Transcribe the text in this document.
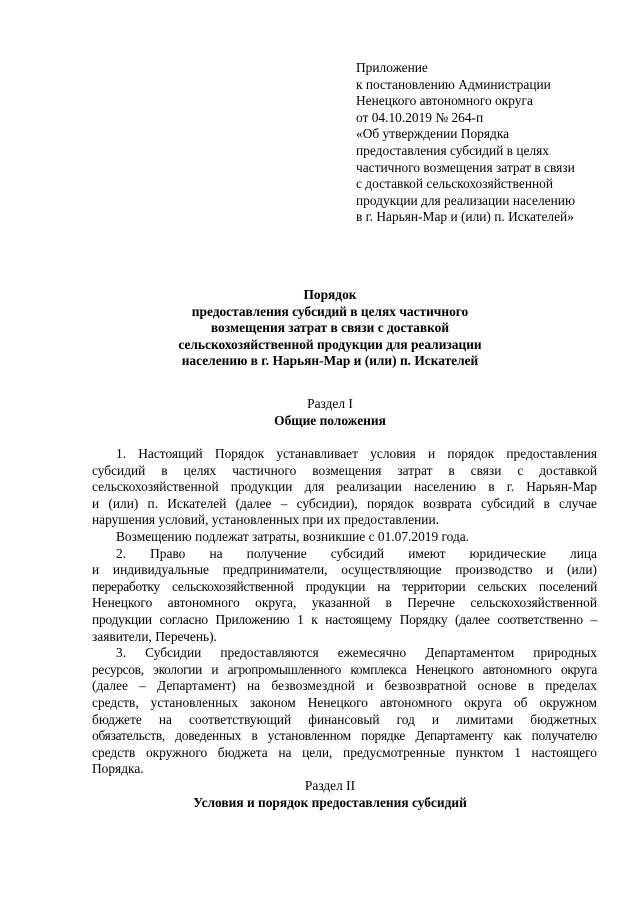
Приложение
к постановлению Администрации
Ненецкого автономного округа
от 04.10.2019 № 264-п
«Об утверждении Порядка
предоставления субсидий в целях
частичного возмещения затрат в связи
с доставкой сельскохозяйственной
продукции для реализации населению
в г. Нарьян-Мар и (или) п. Искателей»
Порядок
предоставления субсидий в целях частичного
возмещения затрат в связи с доставкой
сельскохозяйственной продукции для реализации
населению в г. Нарьян-Мар и (или) п. Искателей
Раздел I
Общие положения
1. Настоящий Порядок устанавливает условия и порядок предоставления
субсидий в целях частичного возмещения затрат в связи с доставкой
сельскохозяйственной продукции для реализации населению в г. Нарьян-Мар
и (или) п. Искателей (далее – субсидии), порядок возврата субсидий в случае
нарушения условий, установленных при их предоставлении.
Возмещению подлежат затраты, возникшие с 01.07.2019 года.
2. Право на получение субсидий имеют юридические лица
и индивидуальные предприниматели, осуществляющие производство и (или)
переработку сельскохозяйственной продукции на территории сельских поселений
Ненецкого автономного округа, указанной в Перечне сельскохозяйственной
продукции согласно Приложению 1 к настоящему Порядку (далее соответственно –
заявители, Перечень).
3. Субсидии предоставляются ежемесячно Департаментом природных
ресурсов, экологии и агропромышленного комплекса Ненецкого автономного округа
(далее – Департамент) на безвозмездной и безвозвратной основе в пределах
средств, установленных законом Ненецкого автономного округа об окружном
бюджете на соответствующий финансовый год и лимитами бюджетных
обязательств, доведенных в установленном порядке Департаменту как получателю
средств окружного бюджета на цели, предусмотренные пунктом 1 настоящего
Порядка.
Раздел II
Условия и порядок предоставления субсидий
